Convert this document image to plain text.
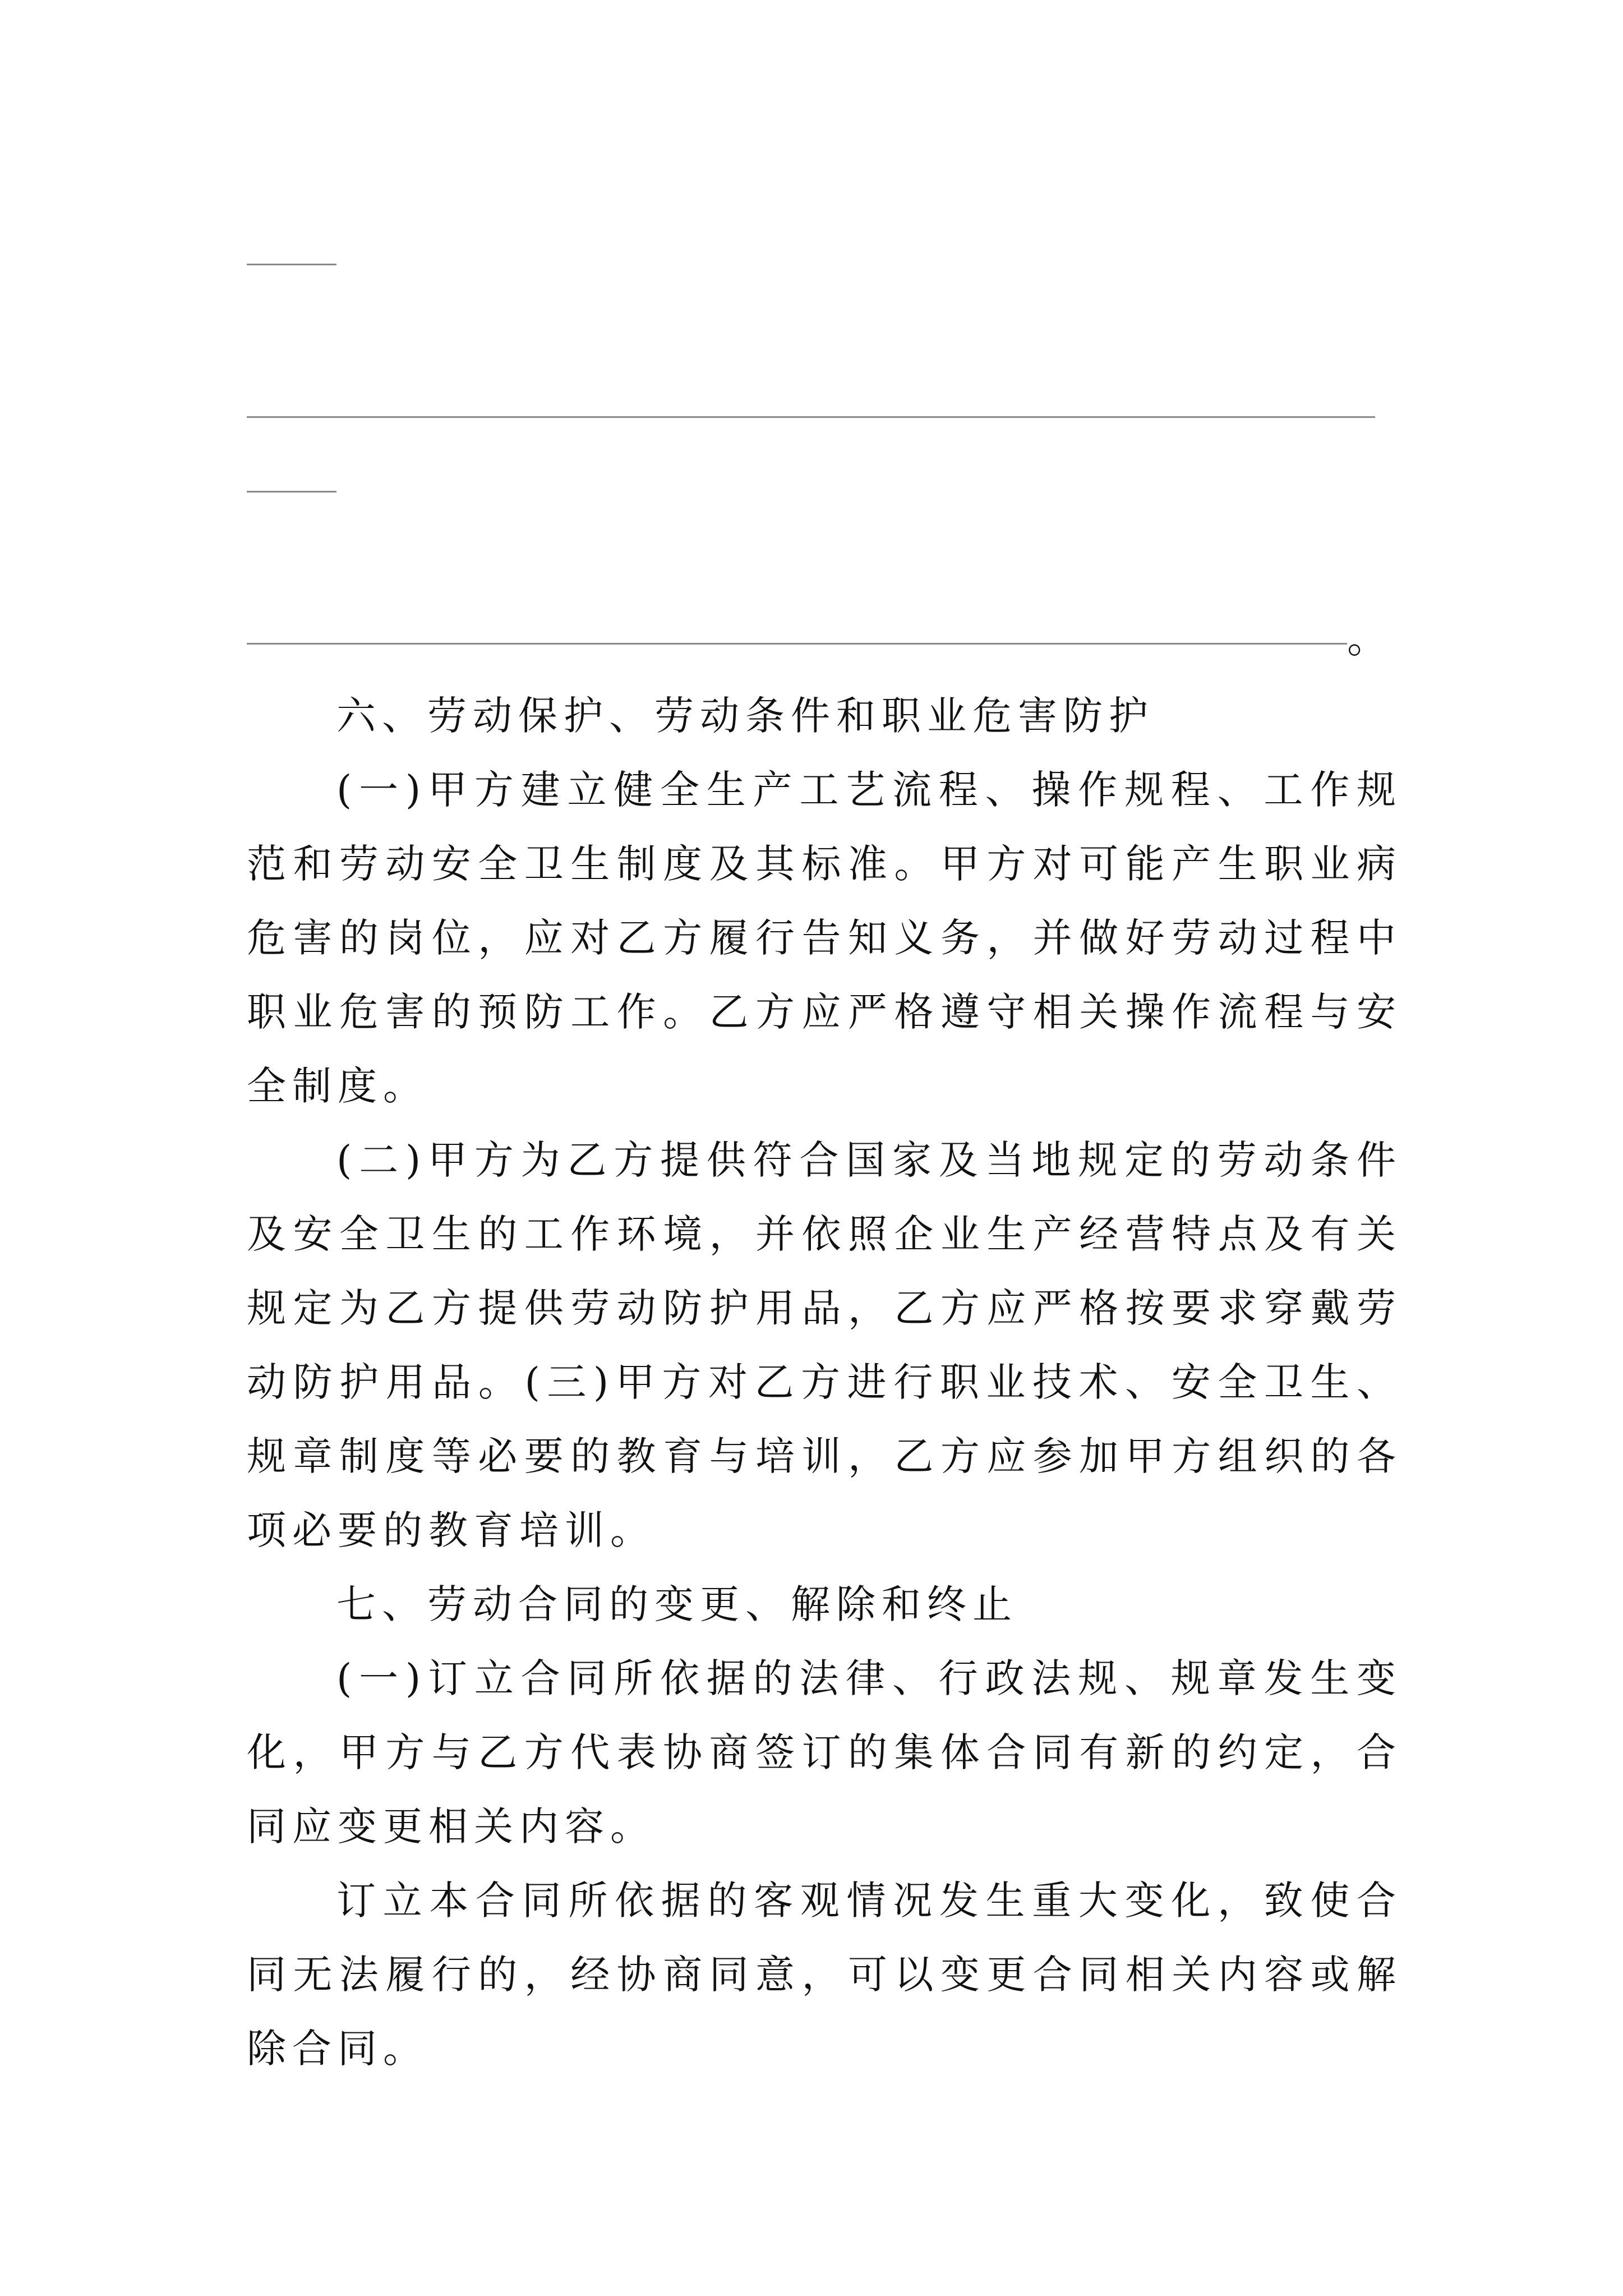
。

六、劳动保护、劳动条件和职业危害防护

(一)甲方建立健全生产工艺流程、操作规程、工作规范和劳动安全卫生制度及其标准。甲方对可能产生职业病危害的岗位，应对乙方履行告知义务，并做好劳动过程中职业危害的预防工作。乙方应严格遵守相关操作流程与安全制度。

(二)甲方为乙方提供符合国家及当地规定的劳动条件及安全卫生的工作环境，并依照企业生产经营特点及有关规定为乙方提供劳动防护用品，乙方应严格按要求穿戴劳动防护用品。(三)甲方对乙方进行职业技术、安全卫生、规章制度等必要的教育与培训，乙方应参加甲方组织的各项必要的教育培训。

七、劳动合同的变更、解除和终止

(一)订立合同所依据的法律、行政法规、规章发生变化，甲方与乙方代表协商签订的集体合同有新的约定，合同应变更相关内容。

订立本合同所依据的客观情况发生重大变化，致使合同无法履行的，经协商同意，可以变更合同相关内容或解除合同。
